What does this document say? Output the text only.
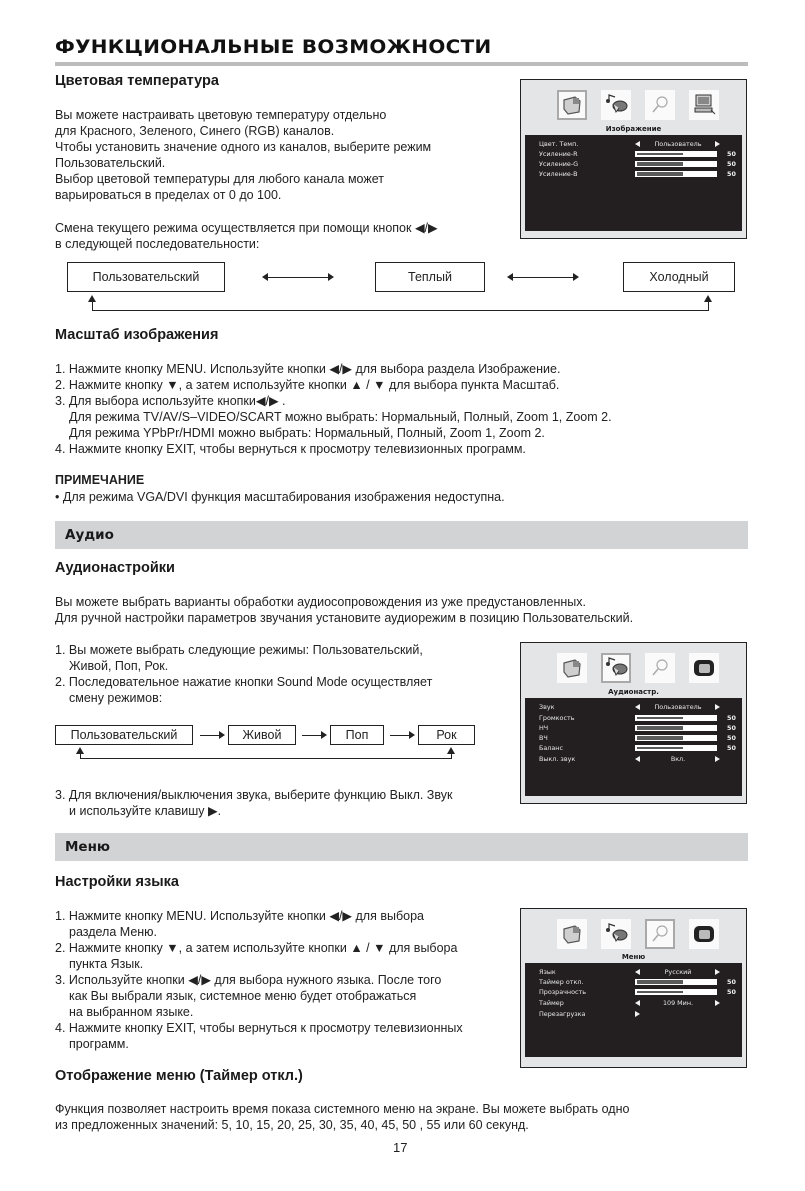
ФУНКЦИОНАЛЬНЫЕ ВОЗМОЖНОСТИ
Цветовая температура
Вы можете настраивать цветовую температуру отдельно
для Красного, Зеленого, Синего (RGB) каналов.
Чтобы установить значение одного из каналов, выберите режим
Пользовательский.
Выбор цветовой температуры для любого канала может
варьироваться в пределах от 0 до 100.
Смена текущего режима осуществляется при помощи кнопок ◀/▶
в следующей последовательности:
Пользовательский	Теплый	Холодный
Изображение
Цвет. Темп.	Пользователь
Усиление-R	50
Усиление-G	50
Усиление-B	50
Масштаб изображения
1. Нажмите кнопку MENU. Используйте кнопки ◀/▶ для выбора раздела Изображение.
2. Нажмите кнопку ▼, а затем используйте кнопки ▲ / ▼ для выбора пункта Масштаб.
3. Для выбора используйте кнопки◀/▶ .
Для режима TV/AV/S–VIDEO/SCART можно выбрать: Нормальный, Полный, Zoom 1, Zoom 2.
Для режима YPbPr/HDMI можно выбрать: Нормальный, Полный, Zoom 1, Zoom 2.
4. Нажмите кнопку EXIT, чтобы вернуться к просмотру телевизионных программ.
ПРИМЕЧАНИЕ
• Для режима VGA/DVI функция масштабирования изображения недоступна.
Аудио
Аудионастройки
Вы можете выбрать варианты обработки аудиосопровождения из уже предустановленных.
Для ручной настройки параметров звучания установите аудиорежим в позицию Пользовательский.
1. Вы можете выбрать следующие режимы: Пользовательский,
Живой, Поп, Рок.
2. Последовательное нажатие кнопки Sound Mode осуществляет
смену режимов:
Пользовательский	Живой	Поп	Рок
3. Для включения/выключения звука, выберите функцию Выкл. Звук
и используйте клавишу ▶.
Аудионастр.
Звук	Пользователь
Громкость	50
НЧ	50
ВЧ	50
Баланс	50
Выкл. звук	Вкл.
Меню
Настройки языка
1. Нажмите кнопку MENU. Используйте кнопки ◀/▶ для выбора
раздела Меню.
2. Нажмите кнопку ▼, а затем используйте кнопки ▲ / ▼ для выбора
пункта Язык.
3. Используйте кнопки ◀/▶ для выбора нужного языка. После того
как Вы выбрали язык, системное меню будет отображаться
на выбранном языке.
4. Нажмите кнопку EXIT, чтобы вернуться к просмотру телевизионных
программ.
Меню
Язык	Русский
Таймер откл.	50
Прозрачность	50
Таймер	109 Мин.
Перезагрузка
Отображение меню (Таймер откл.)
Функция позволяет настроить время показа системного меню на экране. Вы можете выбрать одно
из предложенных значений: 5, 10, 15, 20, 25, 30, 35, 40, 45, 50 , 55 или 60 секунд.
17
